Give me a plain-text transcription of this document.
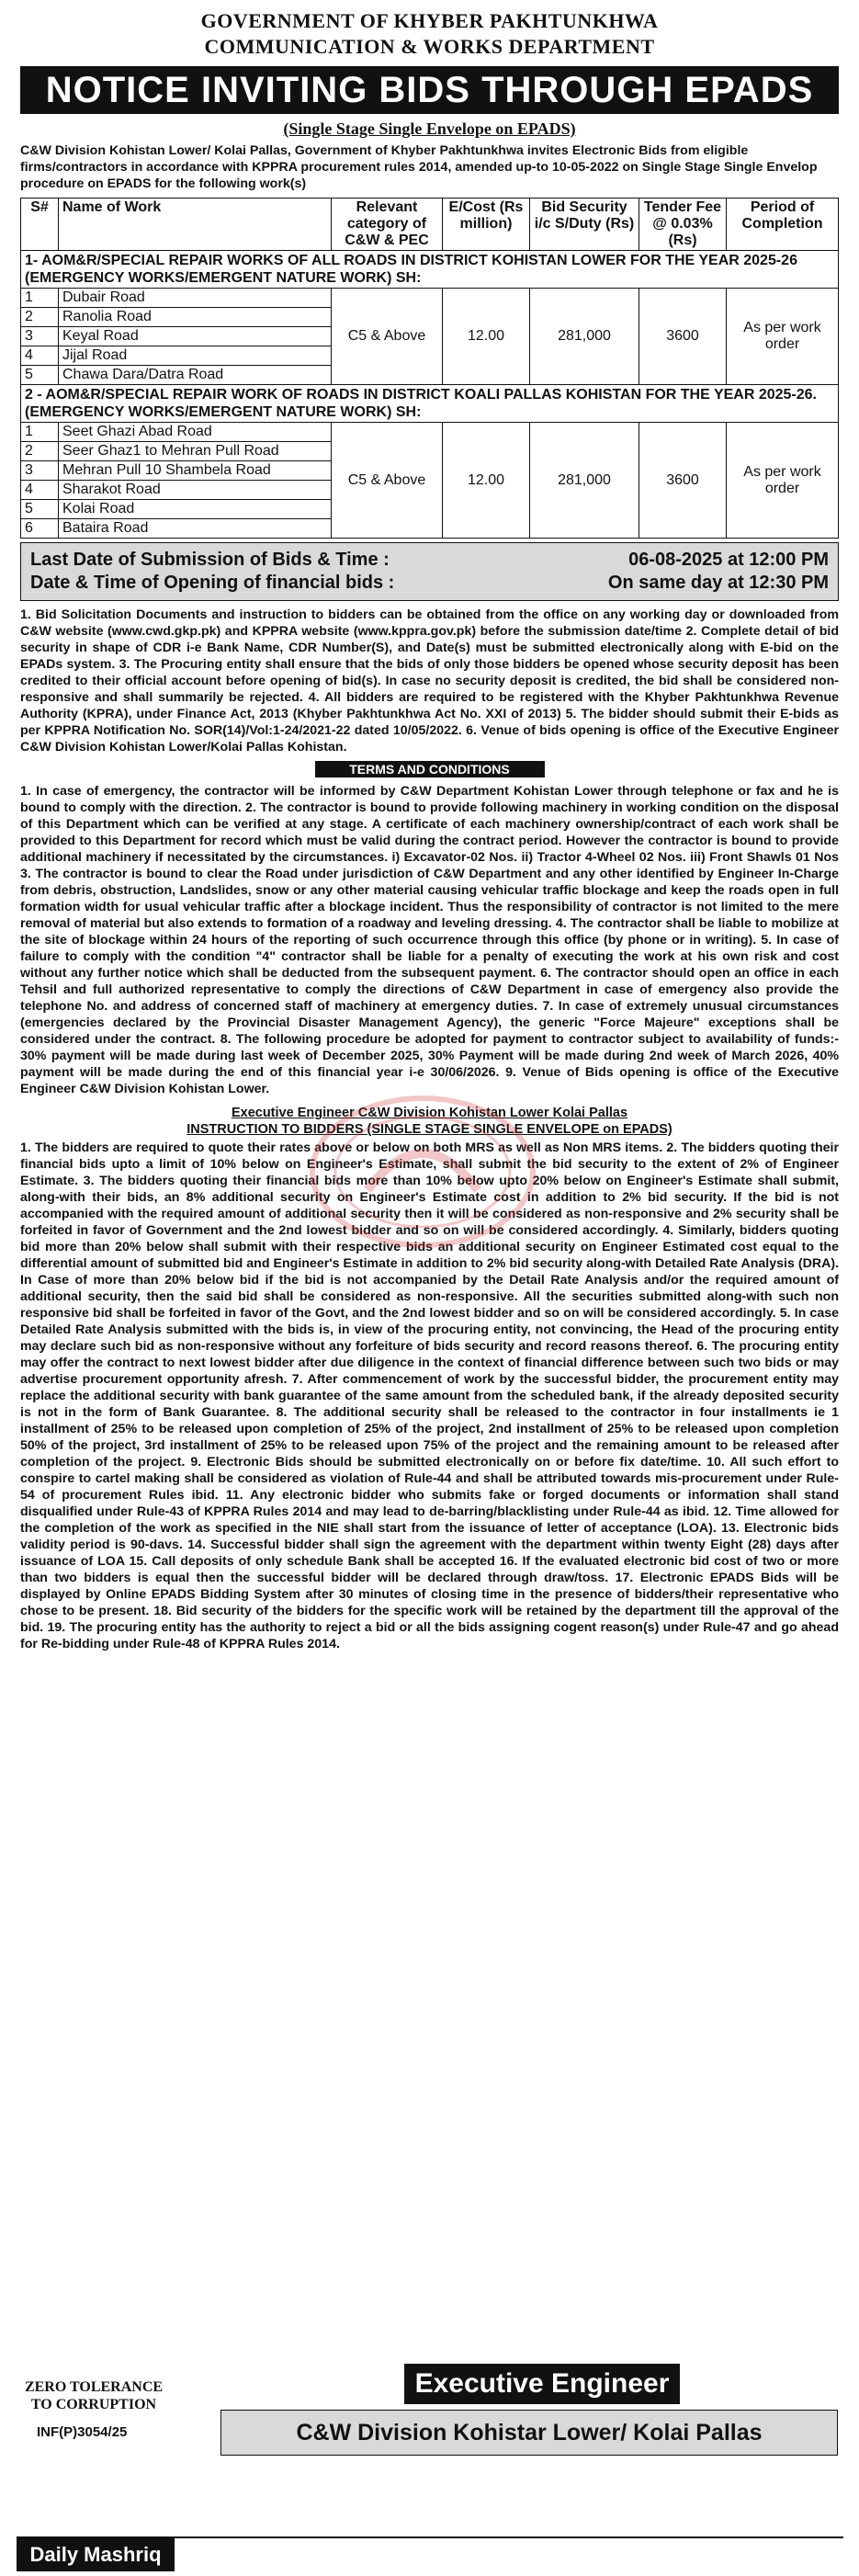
GOVERNMENT OF KHYBER PAKHTUNKHWA
COMMUNICATION & WORKS DEPARTMENT
NOTICE INVITING BIDS THROUGH EPADS
(Single Stage Single Envelope on EPADS)
C&W Division Kohistan Lower/ Kolai Pallas, Government of Khyber Pakhtunkhwa invites Electronic Bids from eligible firms/contractors in accordance with KPPRA procurement rules 2014, amended up-to 10-05-2022 on Single Stage Single Envelop procedure on EPADS for the following work(s)
S#	Name of Work	Relevant category of C&W & PEC	E/Cost (Rs million)	Bid Security i/c S/Duty (Rs)	Tender Fee @ 0.03% (Rs)	Period of Completion
1- AOM&R/SPECIAL REPAIR WORKS OF ALL ROADS IN DISTRICT KOHISTAN LOWER FOR THE YEAR 2025-26 (EMERGENCY WORKS/EMERGENT NATURE WORK) SH:						
1	Dubair Road	C5 & Above	12.00	281,000	3600	As per work order
2	Ranolia Road					
3	Keyal Road					
4	Jijal Road					
5	Chawa Dara/Datra Road					
2 - AOM&R/SPECIAL REPAIR WORK OF ROADS IN DISTRICT KOALI PALLAS KOHISTAN FOR THE YEAR 2025-26. (EMERGENCY WORKS/EMERGENT NATURE WORK) SH:						
1	Seet Ghazi Abad Road	C5 & Above	12.00	281,000	3600	As per work order
2	Seer Ghaz1 to Mehran Pull Road					
3	Mehran Pull 10 Shambela Road					
4	Sharakot Road					
5	Kolai Road					
6	Bataira Road					
Last Date of Submission of Bids & Time :	06-08-2025 at 12:00 PM
Date & Time of Opening of financial bids :	On same day at 12:30 PM
1. Bid Solicitation Documents and instruction to bidders can be obtained from the office on any working day or downloaded from C&W website (www.cwd.gkp.pk) and KPPRA website (www.kppra.gov.pk) before the submission date/time 2. Complete detail of bid security in shape of CDR i-e Bank Name, CDR Number(S), and Date(s) must be submitted electronically along with E-bid on the EPADs system. 3. The Procuring entity shall ensure that the bids of only those bidders be opened whose security deposit has been credited to their official account before opening of bid(s). In case no security deposit is credited, the bid shall be considered non-responsive and shall summarily be rejected. 4. All bidders are required to be registered with the Khyber Pakhtunkhwa Revenue Authority (KPRA), under Finance Act, 2013 (Khyber Pakhtunkhwa Act No. XXI of 2013) 5. The bidder should submit their E-bids as per KPPRA Notification No. SOR(14)/Vol:1-24/2021-22 dated 10/05/2022. 6. Venue of bids opening is office of the Executive Engineer C&W Division Kohistan Lower/Kolai Pallas Kohistan.
TERMS AND CONDITIONS
1. In case of emergency, the contractor will be informed by C&W Department Kohistan Lower through telephone or fax and he is bound to comply with the direction. 2. The contractor is bound to provide following machinery in working condition on the disposal of this Department which can be verified at any stage. A certificate of each machinery ownership/contract of each work shall be provided to this Department for record which must be valid during the contract period. However the contractor is bound to provide additional machinery if necessitated by the circumstances. i) Excavator-02 Nos. ii) Tractor 4-Wheel 02 Nos. iii) Front Shawls 01 Nos 3. The contractor is bound to clear the Road under jurisdiction of C&W Department and any other identified by Engineer In-Charge from debris, obstruction, Landslides, snow or any other material causing vehicular traffic blockage and keep the roads open in full formation width for usual vehicular traffic after a blockage incident. Thus the responsibility of contractor is not limited to the mere removal of material but also extends to formation of a roadway and leveling dressing. 4. The contractor shall be liable to mobilize at the site of blockage within 24 hours of the reporting of such occurrence through this office (by phone or in writing). 5. In case of failure to comply with the condition "4" contractor shall be liable for a penalty of executing the work at his own risk and cost without any further notice which shall be deducted from the subsequent payment. 6. The contractor should open an office in each Tehsil and full authorized representative to comply the directions of C&W Department in case of emergency also provide the telephone No. and address of concerned staff of machinery at emergency duties. 7. In case of extremely unusual circumstances (emergencies declared by the Provincial Disaster Management Agency), the generic "Force Majeure" exceptions shall be considered under the contract. 8. The following procedure be adopted for payment to contractor subject to availability of funds:- 30% payment will be made during last week of December 2025, 30% Payment will be made during 2nd week of March 2026, 40% payment will be made during the end of this financial year i-e 30/06/2026. 9. Venue of Bids opening is office of the Executive Engineer C&W Division Kohistan Lower.
Executive Engineer C&W Division Kohistan Lower Kolai Pallas
INSTRUCTION TO BIDDERS (SINGLE STAGE SINGLE ENVELOPE on EPADS)
1. The bidders are required to quote their rates above or below on both MRS as well as Non MRS items. 2. The bidders quoting their financial bids upto a limit of 10% below on Engineer's Estimate, shall submit the bid security to the extent of 2% of Engineer Estimate. 3. The bidders quoting their financial bids more than 10% below upto 20% below on Engineer's Estimate shall submit, along-with their bids, an 8% additional security on Engineer's Estimate cost in addition to 2% bid security. If the bid is not accompanied with the required amount of additional security then it will be considered as non-responsive and 2% security shall be forfeited in favor of Government and the 2nd lowest bidder and so on will be considered accordingly. 4. Similarly, bidders quoting bid more than 20% below shall submit with their respective bids an additional security on Engineer Estimated cost equal to the differential amount of submitted bid and Engineer's Estimate in addition to 2% bid security along-with Detailed Rate Analysis (DRA). In Case of more than 20% below bid if the bid is not accompanied by the Detail Rate Analysis and/or the required amount of additional security, then the said bid shall be considered as non-responsive. All the securities submitted along-with such non responsive bid shall be forfeited in favor of the Govt, and the 2nd lowest bidder and so on will be considered accordingly. 5. In case Detailed Rate Analysis submitted with the bids is, in view of the procuring entity, not convincing, the Head of the procuring entity may declare such bid as non-responsive without any forfeiture of bids security and record reasons thereof. 6. The procuring entity may offer the contract to next lowest bidder after due diligence in the context of financial difference between such two bids or may advertise procurement opportunity afresh. 7. After commencement of work by the successful bidder, the procurement entity may replace the additional security with bank guarantee of the same amount from the scheduled bank, if the already deposited security is not in the form of Bank Guarantee. 8. The additional security shall be released to the contractor in four installments ie 1 installment of 25% to be released upon completion of 25% of the project, 2nd installment of 25% to be released upon completion 50% of the project, 3rd installment of 25% to be released upon 75% of the project and the remaining amount to be released after completion of the project. 9. Electronic Bids should be submitted electronically on or before fix date/time. 10. All such effort to conspire to cartel making shall be considered as violation of Rule-44 and shall be attributed towards mis-procurement under Rule-54 of procurement Rules ibid. 11. Any electronic bidder who submits fake or forged documents or information shall stand disqualified under Rule-43 of KPPRA Rules 2014 and may lead to de-barring/blacklisting under Rule-44 as ibid. 12. Time allowed for the completion of the work as specified in the NIE shall start from the issuance of letter of acceptance (LOA). 13. Electronic bids validity period is 90-davs. 14. Successful bidder shall sign the agreement with the department within twenty Eight (28) days after issuance of LOA 15. Call deposits of only schedule Bank shall be accepted 16. If the evaluated electronic bid cost of two or more than two bidders is equal then the successful bidder will be declared through draw/toss. 17. Electronic EPADS Bids will be displayed by Online EPADS Bidding System after 30 minutes of closing time in the presence of bidders/their representative who chose to be present. 18. Bid security of the bidders for the specific work will be retained by the department till the approval of the bid. 19. The procuring entity has the authority to reject a bid or all the bids assigning cogent reason(s) under Rule-47 and go ahead for Re-bidding under Rule-48 of KPPRA Rules 2014.
ZERO TOLERANCE TO CORRUPTION
INF(P)3054/25
Executive Engineer
C&W Division Kohistar Lower/ Kolai Pallas
Daily Mashriq
